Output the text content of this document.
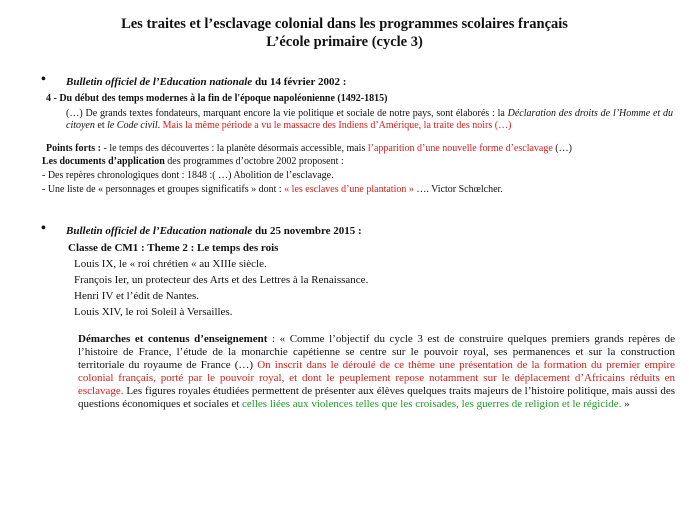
Les traites et l’esclavage colonial dans les programmes scolaires français
L’école primaire (cycle 3)
• Bulletin officiel de l’Education nationale du 14 février 2002 :
4 - Du début des temps modernes à la fin de l'époque napoléonienne (1492-1815)
(…) De grands textes fondateurs, marquant encore la vie politique et sociale de notre pays, sont élaborés : la Déclaration des droits de l’Homme et du citoyen et le Code civil. Mais la même période a vu le massacre des Indiens d’Amérique, la traite des noirs (…)
Points forts : - le temps des découvertes : la planète désormais accessible, mais l’apparition d’une nouvelle forme d’esclavage (…)
Les documents d’application des programmes d’octobre 2002 proposent :
- Des repères chronologiques dont : 1848 :( …) Abolition de l’esclavage.
- Une liste de « personnages et groupes significatifs » dont : « les esclaves d’une plantation » …. Victor Schœlcher.
• Bulletin officiel de l’Education nationale du 25 novembre 2015 :
Classe de CM1 : Theme 2 : Le temps des rois
Louis IX, le « roi chrétien « au XIIIe siècle.
François Ier, un protecteur des Arts et des Lettres à la Renaissance.
Henri IV et l’édit de Nantes.
Louis XIV, le roi Soleil à Versailles.
Démarches et contenus d’enseignement : « Comme l’objectif du cycle 3 est de construire quelques premiers grands repères de l’histoire de France, l’étude de la monarchie capétienne se centre sur le pouvoir royal, ses permanences et sur la construction territoriale du royaume de France (…) On inscrit dans le déroulé de ce thème une présentation de la formation du premier empire colonial français, porté par le pouvoir royal, et dont le peuplement repose notamment sur le déplacement d’Africains réduits en esclavage. Les figures royales étudiées permettent de présenter aux élèves quelques traits majeurs de l’histoire politique, mais aussi des questions économiques et sociales et celles liées aux violences telles que les croisades, les guerres de religion et le régicide. »
